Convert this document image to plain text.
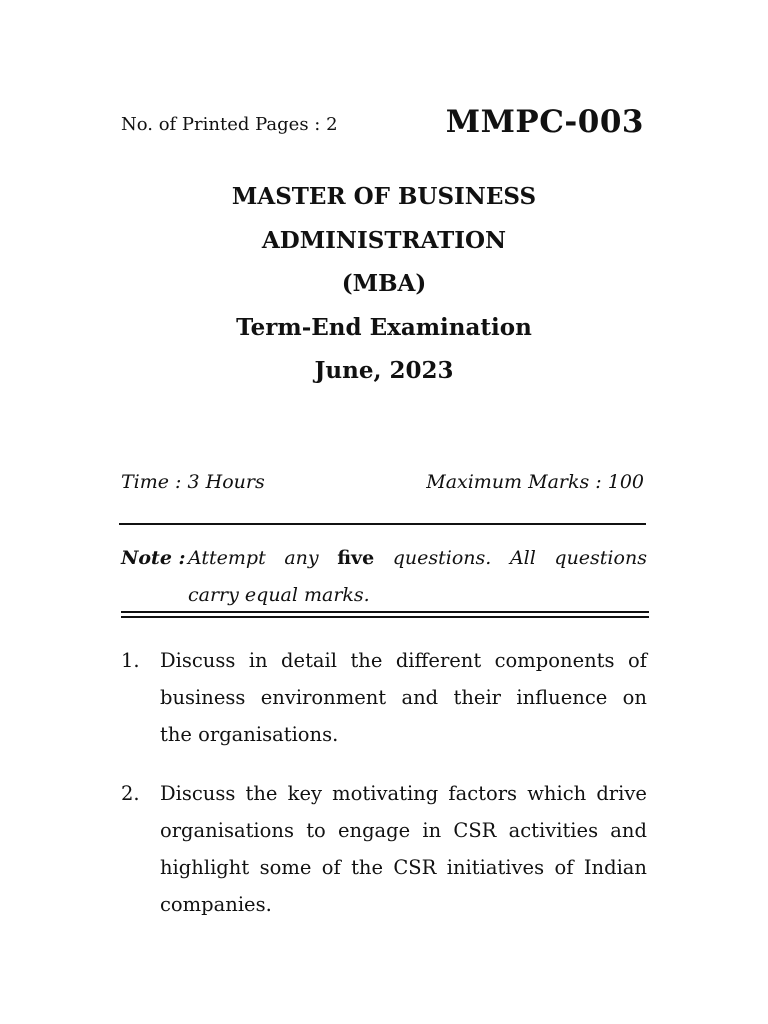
No. of Printed Pages : 2	MMPC-003
MASTER OF BUSINESS
ADMINISTRATION
(MBA)
Term-End Examination
June, 2023
Time : 3 Hours	Maximum Marks : 100
Note : Attempt any five questions. All questions
carry equal marks.
1. Discuss in detail the different components of
business environment and their influence on
the organisations.
2. Discuss the key motivating factors which drive
organisations to engage in CSR activities and
highlight some of the CSR initiatives of Indian
companies.
